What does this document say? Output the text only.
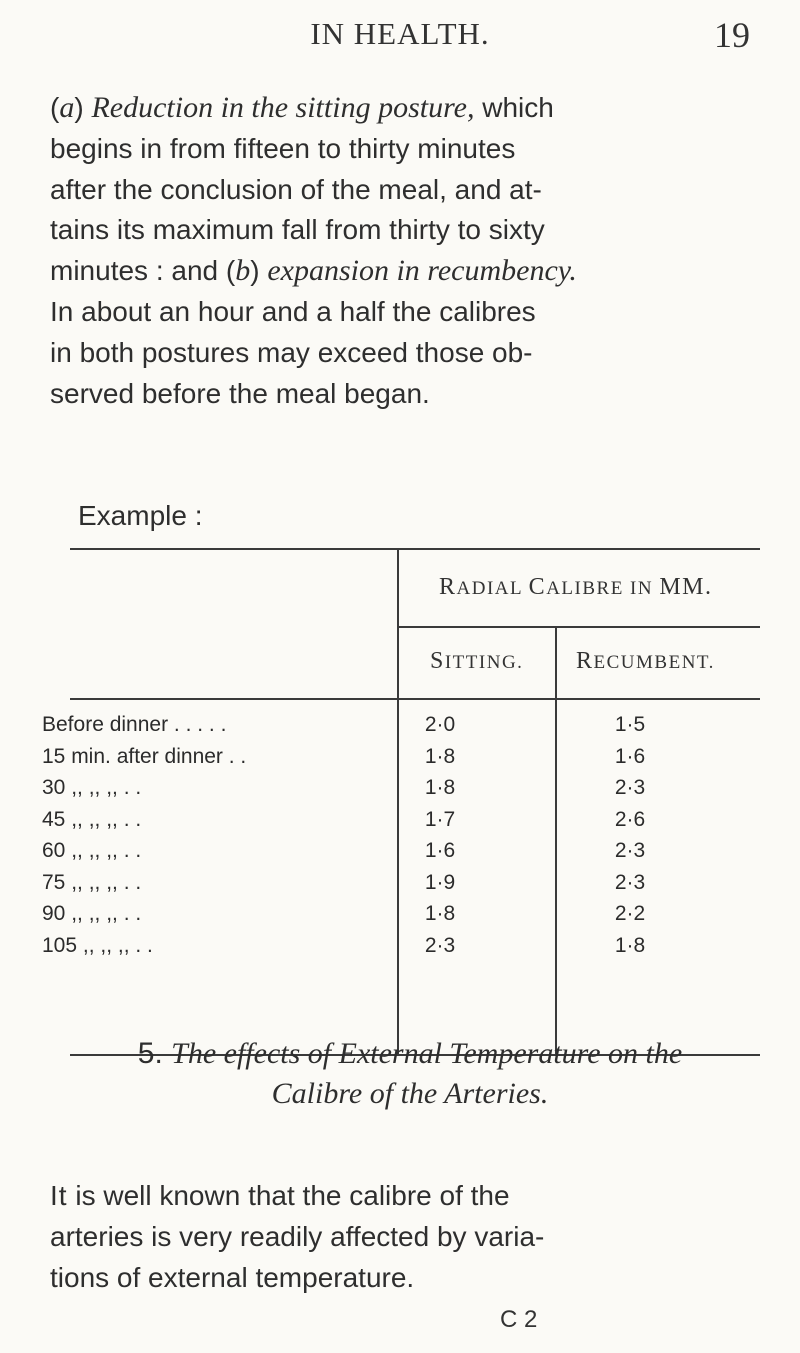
IN HEALTH.	19
(a) Reduction in the sitting posture, which
begins in from fifteen to thirty minutes
after the conclusion of the meal, and at-
tains its maximum fall from thirty to sixty
minutes : and (b) expansion in recumbency.
In about an hour and a half the calibres
in both postures may exceed those ob-
served before the meal began.
Example :
RADIAL CALIBRE IN MM.
SITTING. RECUMBENT.
Before dinner . . . . .	2·0	1·5
15 min. after dinner . .	1·8	1·6
30 ,, ,, ,, . .	1·8	2·3
45 ,, ,, ,, . .	1·7	2·6
60 ,, ,, ,, . .	1·6	2·3
75 ,, ,, ,, . .	1·9	2·3
90 ,, ,, ,, . .	1·8	2·2
105 ,, ,, ,, . .	2·3	1·8
5. The effects of External Temperature on the
Calibre of the Arteries.
It is well known that the calibre of the
arteries is very readily affected by varia-
tions of external temperature.
C 2
